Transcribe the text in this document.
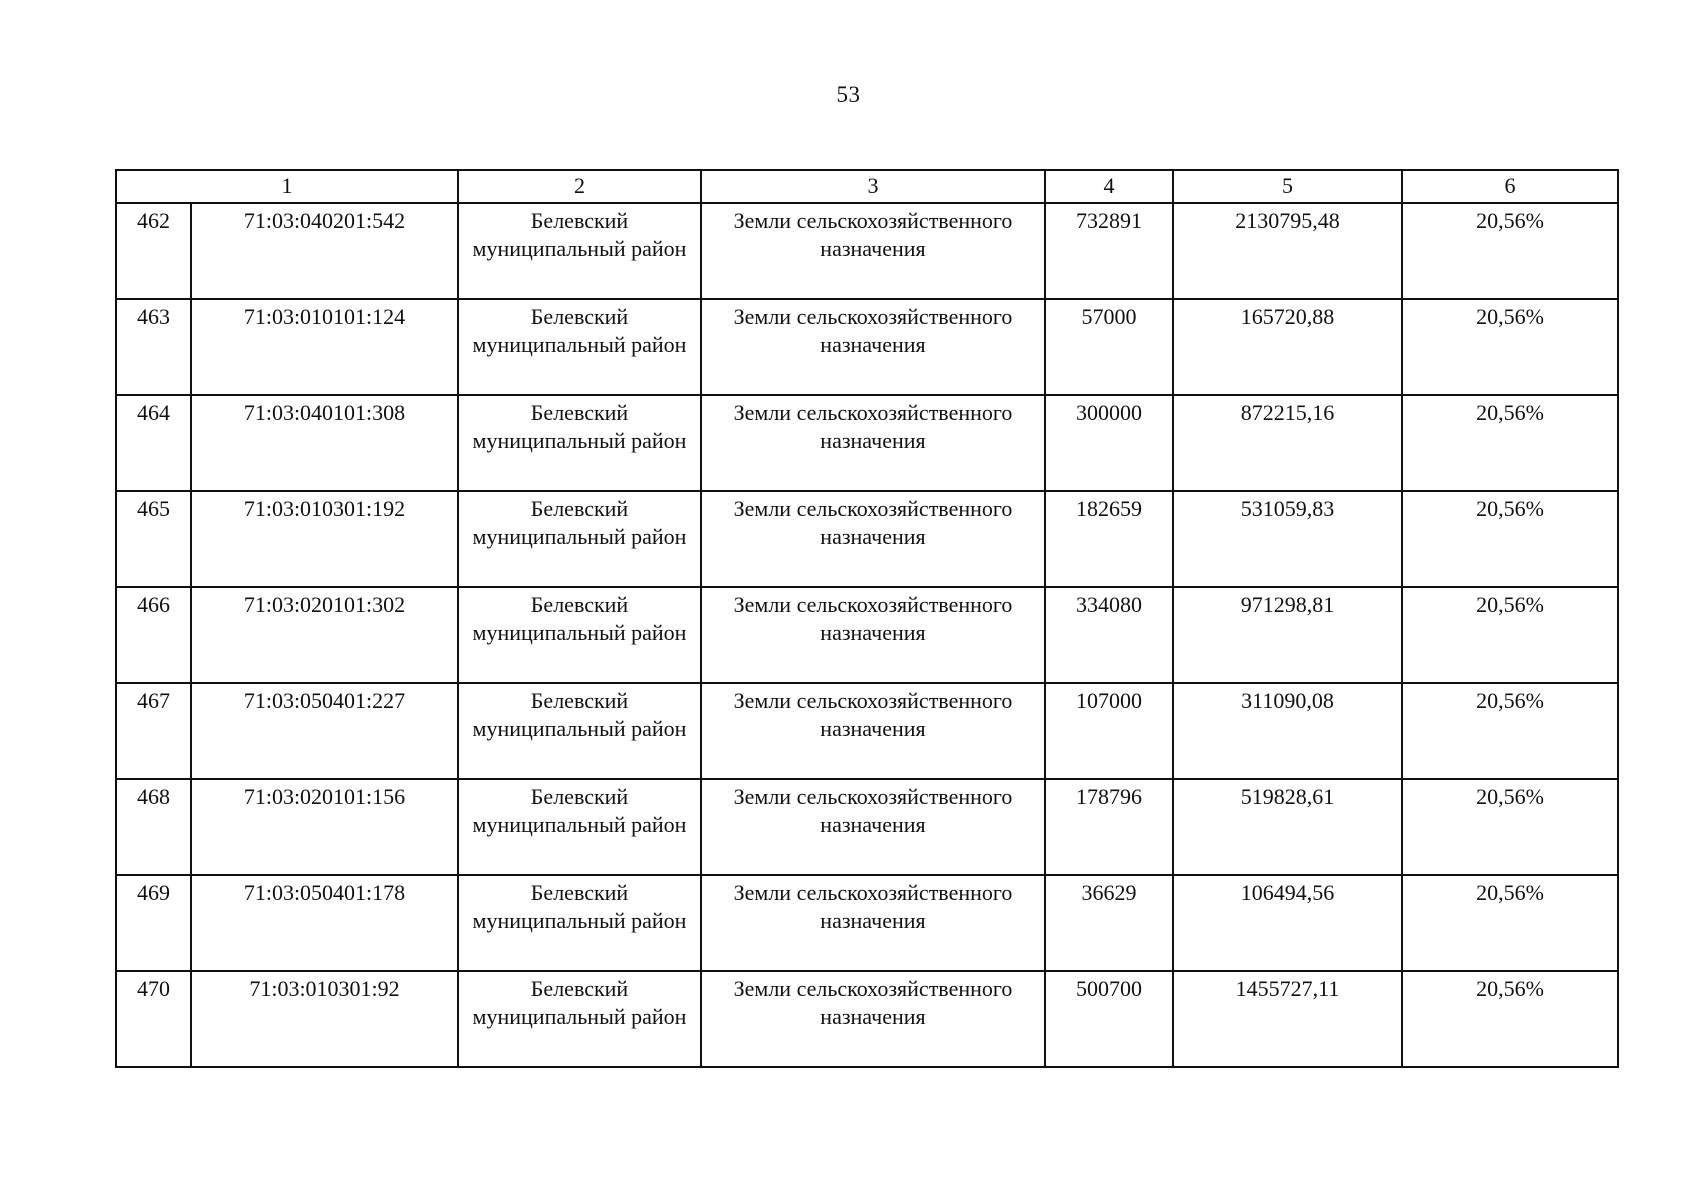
53
1		2	3	4	5	6
462	71:03:040201:542	Белевский муниципальный район	Земли сельскохозяйственного назначения	732891	2130795,48	20,56%
463	71:03:010101:124	Белевский муниципальный район	Земли сельскохозяйственного назначения	57000	165720,88	20,56%
464	71:03:040101:308	Белевский муниципальный район	Земли сельскохозяйственного назначения	300000	872215,16	20,56%
465	71:03:010301:192	Белевский муниципальный район	Земли сельскохозяйственного назначения	182659	531059,83	20,56%
466	71:03:020101:302	Белевский муниципальный район	Земли сельскохозяйственного назначения	334080	971298,81	20,56%
467	71:03:050401:227	Белевский муниципальный район	Земли сельскохозяйственного назначения	107000	311090,08	20,56%
468	71:03:020101:156	Белевский муниципальный район	Земли сельскохозяйственного назначения	178796	519828,61	20,56%
469	71:03:050401:178	Белевский муниципальный район	Земли сельскохозяйственного назначения	36629	106494,56	20,56%
470	71:03:010301:92	Белевский муниципальный район	Земли сельскохозяйственного назначения	500700	1455727,11	20,56%
